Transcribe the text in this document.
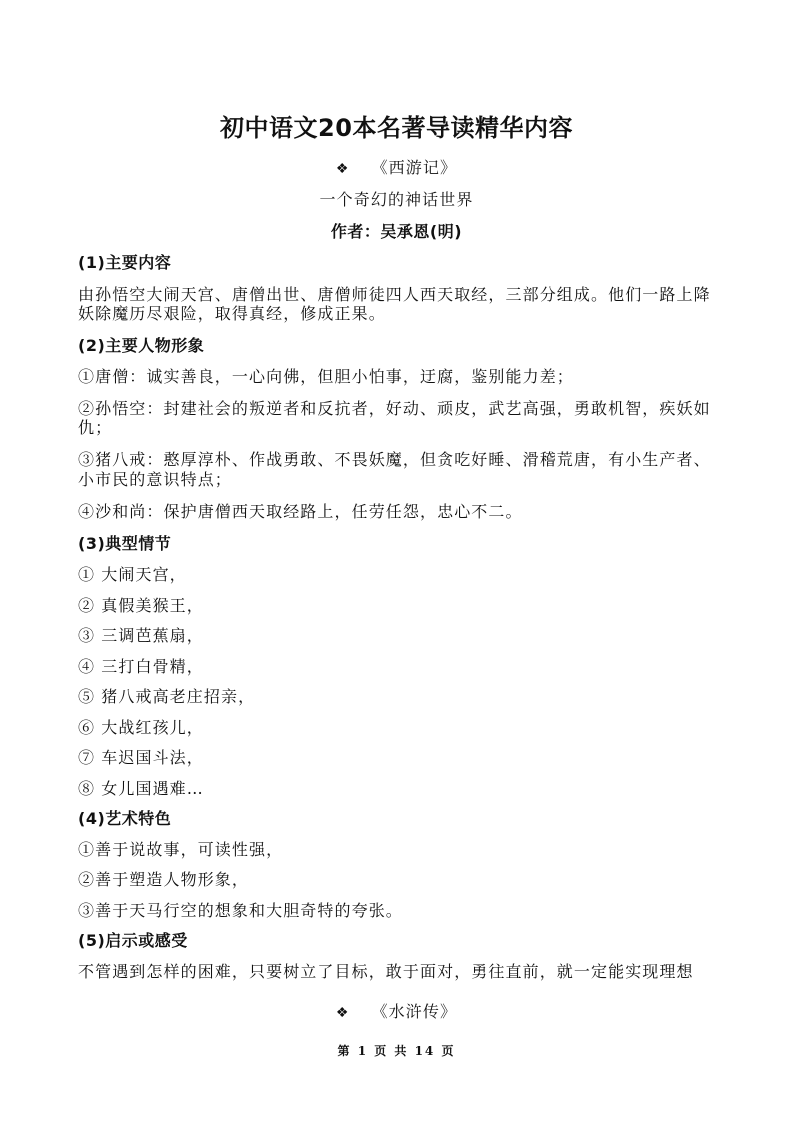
初中语文20本名著导读精华内容
❖ 《西游记》
一个奇幻的神话世界
作者：吴承恩(明)
(1)主要内容
由孙悟空大闹天宫、唐僧出世、唐僧师徒四人西天取经，三部分组成。他们一路上降
妖除魔历尽艰险，取得真经，修成正果。
(2)主要人物形象
①唐僧：诚实善良，一心向佛，但胆小怕事，迂腐，鉴别能力差；
②孙悟空：封建社会的叛逆者和反抗者，好动、顽皮，武艺高强，勇敢机智，疾妖如
仇；
③猪八戒：憨厚淳朴、作战勇敢、不畏妖魔，但贪吃好睡、滑稽荒唐，有小生产者、
小市民的意识特点；
④沙和尚：保护唐僧西天取经路上，任劳任怨，忠心不二。
(3)典型情节
① 大闹天宫，
② 真假美猴王，
③ 三调芭蕉扇，
④ 三打白骨精，
⑤ 猪八戒高老庄招亲，
⑥ 大战红孩儿，
⑦ 车迟国斗法，
⑧ 女儿国遇难…
(4)艺术特色
①善于说故事，可读性强，
②善于塑造人物形象，
③善于天马行空的想象和大胆奇特的夸张。
(5)启示或感受
不管遇到怎样的困难，只要树立了目标，敢于面对，勇往直前，就一定能实现理想
❖ 《水浒传》
第 1 页 共 14 页
